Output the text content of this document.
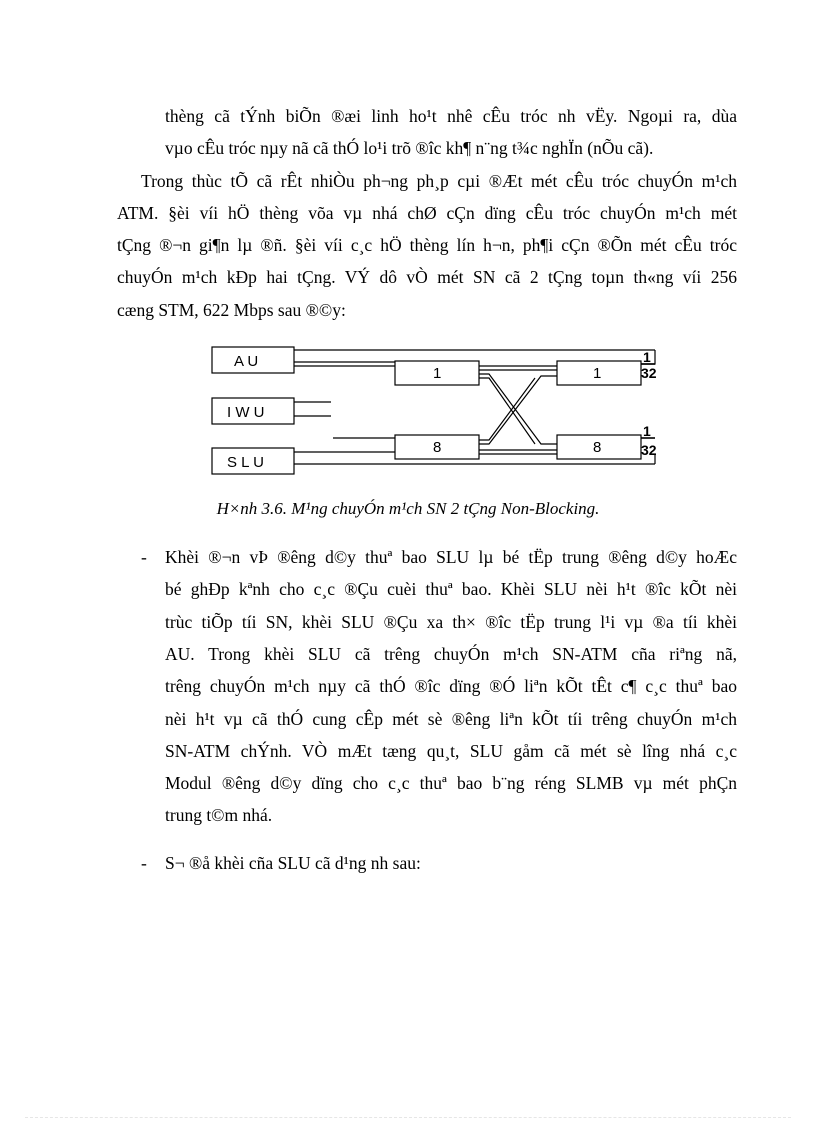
thèng cã tÝnh biÕn ®æi linh ho¹t nhê cÊu tróc nh vËy. Ngoµi ra, dùa
vµo cÊu tróc nµy nã cã thÓ lo¹i trõ ®îc kh¶ n¨ng t¾c nghÏn (nÕu cã).
Trong thùc tÕ cã rÊt nhiÒu ph¬ng ph¸p cµi ®Æt mét cÊu tróc chuyÓn m¹ch
ATM. §èi víi hÖ thèng võa vµ nhá chØ cÇn dïng cÊu tróc chuyÓn m¹ch mét
tÇng ®¬n gi¶n lµ ®ñ. §èi víi c¸c hÖ thèng lín h¬n, ph¶i cÇn ®Õn mét cÊu tróc
chuyÓn m¹ch kÐp hai tÇng. VÝ dô vÒ mét SN cã 2 tÇng toµn th«ng víi 256
cæng STM, 622 Mbps sau ®©y:
A U
I W U
S L U
1
8
1
8
1
32
1
32
H×nh 3.6. M¹ng chuyÓn m¹ch SN 2 tÇng Non-Blocking.
- Khèi ®¬n vÞ ®êng d©y thuª bao SLU lµ bé tËp trung ®êng d©y hoÆc
bé ghÐp kªnh cho c¸c ®Çu cuèi thuª bao. Khèi SLU nèi h¹t ®îc kÕt nèi
trùc tiÕp tíi SN, khèi SLU ®Çu xa th× ®îc tËp trung l¹i vµ ®a tíi khèi
AU. Trong khèi SLU cã trêng chuyÓn m¹ch SN-ATM cña riªng nã,
trêng chuyÓn m¹ch nµy cã thÓ ®îc dïng ®Ó liªn kÕt tÊt c¶ c¸c thuª bao
nèi h¹t vµ cã thÓ cung cÊp mét sè ®êng liªn kÕt tíi trêng chuyÓn m¹ch
SN-ATM chÝnh. VÒ mÆt tæng qu¸t, SLU gåm cã mét sè lîng nhá c¸c
Modul ®êng d©y dïng cho c¸c thuª bao b¨ng réng SLMB vµ mét phÇn
trung t©m nhá.
- S¬ ®å khèi cña SLU cã d¹ng nh sau:
